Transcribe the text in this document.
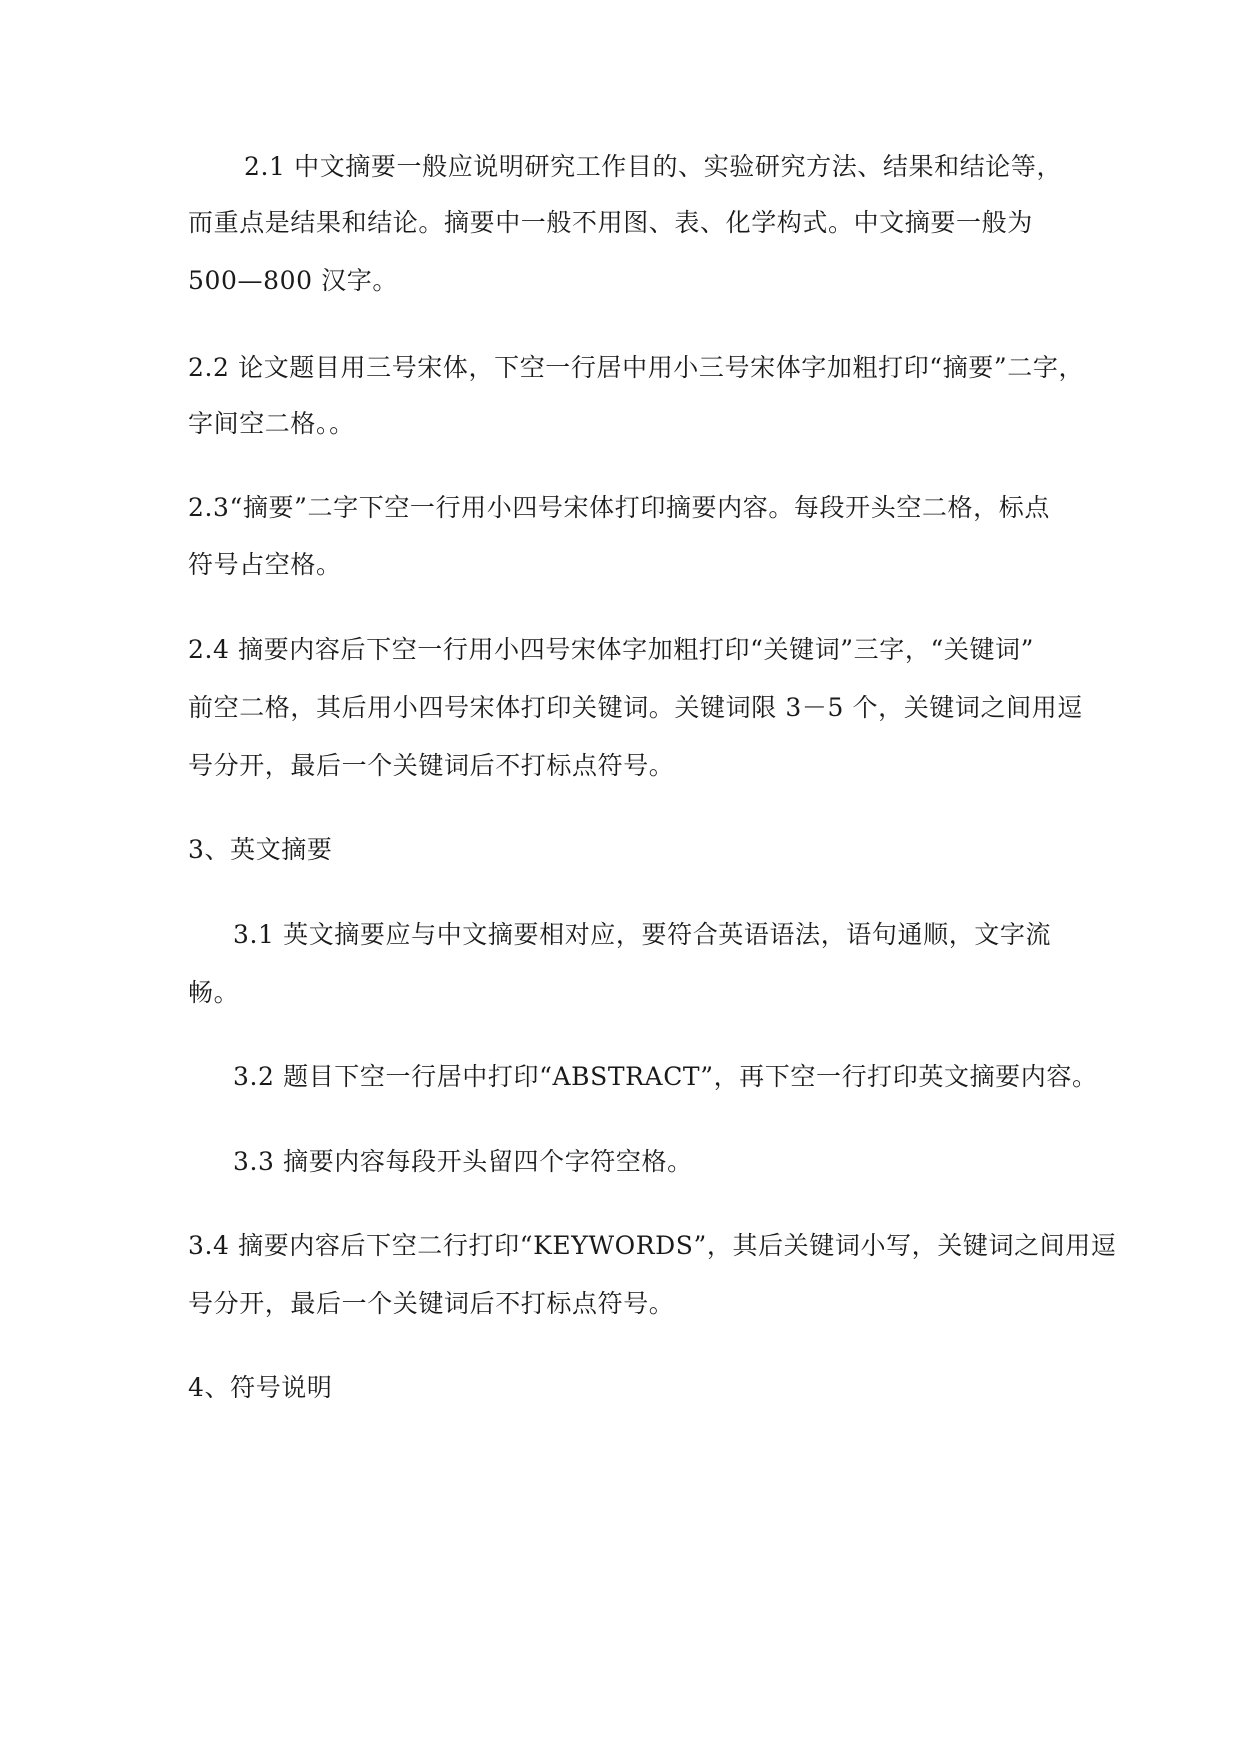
2.1 中文摘要一般应说明研究工作目的、实验研究方法、结果和结论等，
而重点是结果和结论。摘要中一般不用图、表、化学构式。中文摘要一般为
500—800 汉字。
2.2 论文题目用三号宋体，下空一行居中用小三号宋体字加粗打印“摘要”二字，
字间空二格。。
2.3“摘要”二字下空一行用小四号宋体打印摘要内容。每段开头空二格，标点
符号占空格。
2.4 摘要内容后下空一行用小四号宋体字加粗打印“关键词”三字，“关键词”
前空二格，其后用小四号宋体打印关键词。关键词限 3－5 个，关键词之间用逗
号分开，最后一个关键词后不打标点符号。
3、英文摘要
3.1 英文摘要应与中文摘要相对应，要符合英语语法，语句通顺，文字流
畅。
3.2 题目下空一行居中打印“ABSTRACT”，再下空一行打印英文摘要内容。
3.3 摘要内容每段开头留四个字符空格。
3.4 摘要内容后下空二行打印“KEYWORDS”，其后关键词小写，关键词之间用逗
号分开，最后一个关键词后不打标点符号。
4、符号说明
